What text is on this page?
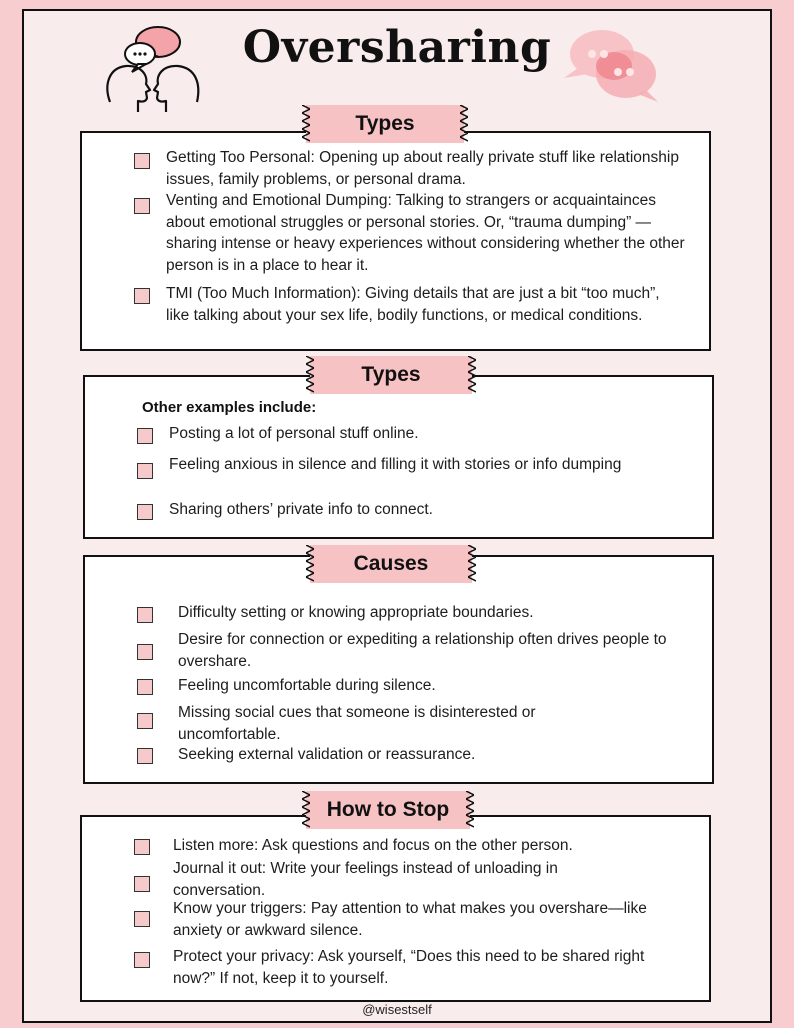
Oversharing
Types
Getting Too Personal: Opening up about really private stuff like relationship issues, family problems, or personal drama.
Venting and Emotional Dumping: Talking to strangers or acquaintainces about emotional struggles or personal stories. Or, “trauma dumping” — sharing intense or heavy experiences without considering whether the other person is in a place to hear it.
TMI (Too Much Information): Giving details that are just a bit “too much”, like talking about your sex life, bodily functions, or medical conditions.
Types
Other examples include:
Posting a lot of personal stuff online.
Feeling anxious in silence and filling it with stories or info dumping
Sharing others’ private info to connect.
Causes
Difficulty setting or knowing appropriate boundaries.
Desire for connection or expediting a relationship often drives people to overshare.
Feeling uncomfortable during silence.
Missing social cues that someone is disinterested or uncomfortable.
Seeking external validation or reassurance.
How to Stop
Listen more: Ask questions and focus on the other person.
Journal it out: Write your feelings instead of unloading in conversation.
Know your triggers: Pay attention to what makes you overshare—like anxiety or awkward silence.
Protect your privacy: Ask yourself, “Does this need to be shared right now?” If not, keep it to yourself.
@wisestself
